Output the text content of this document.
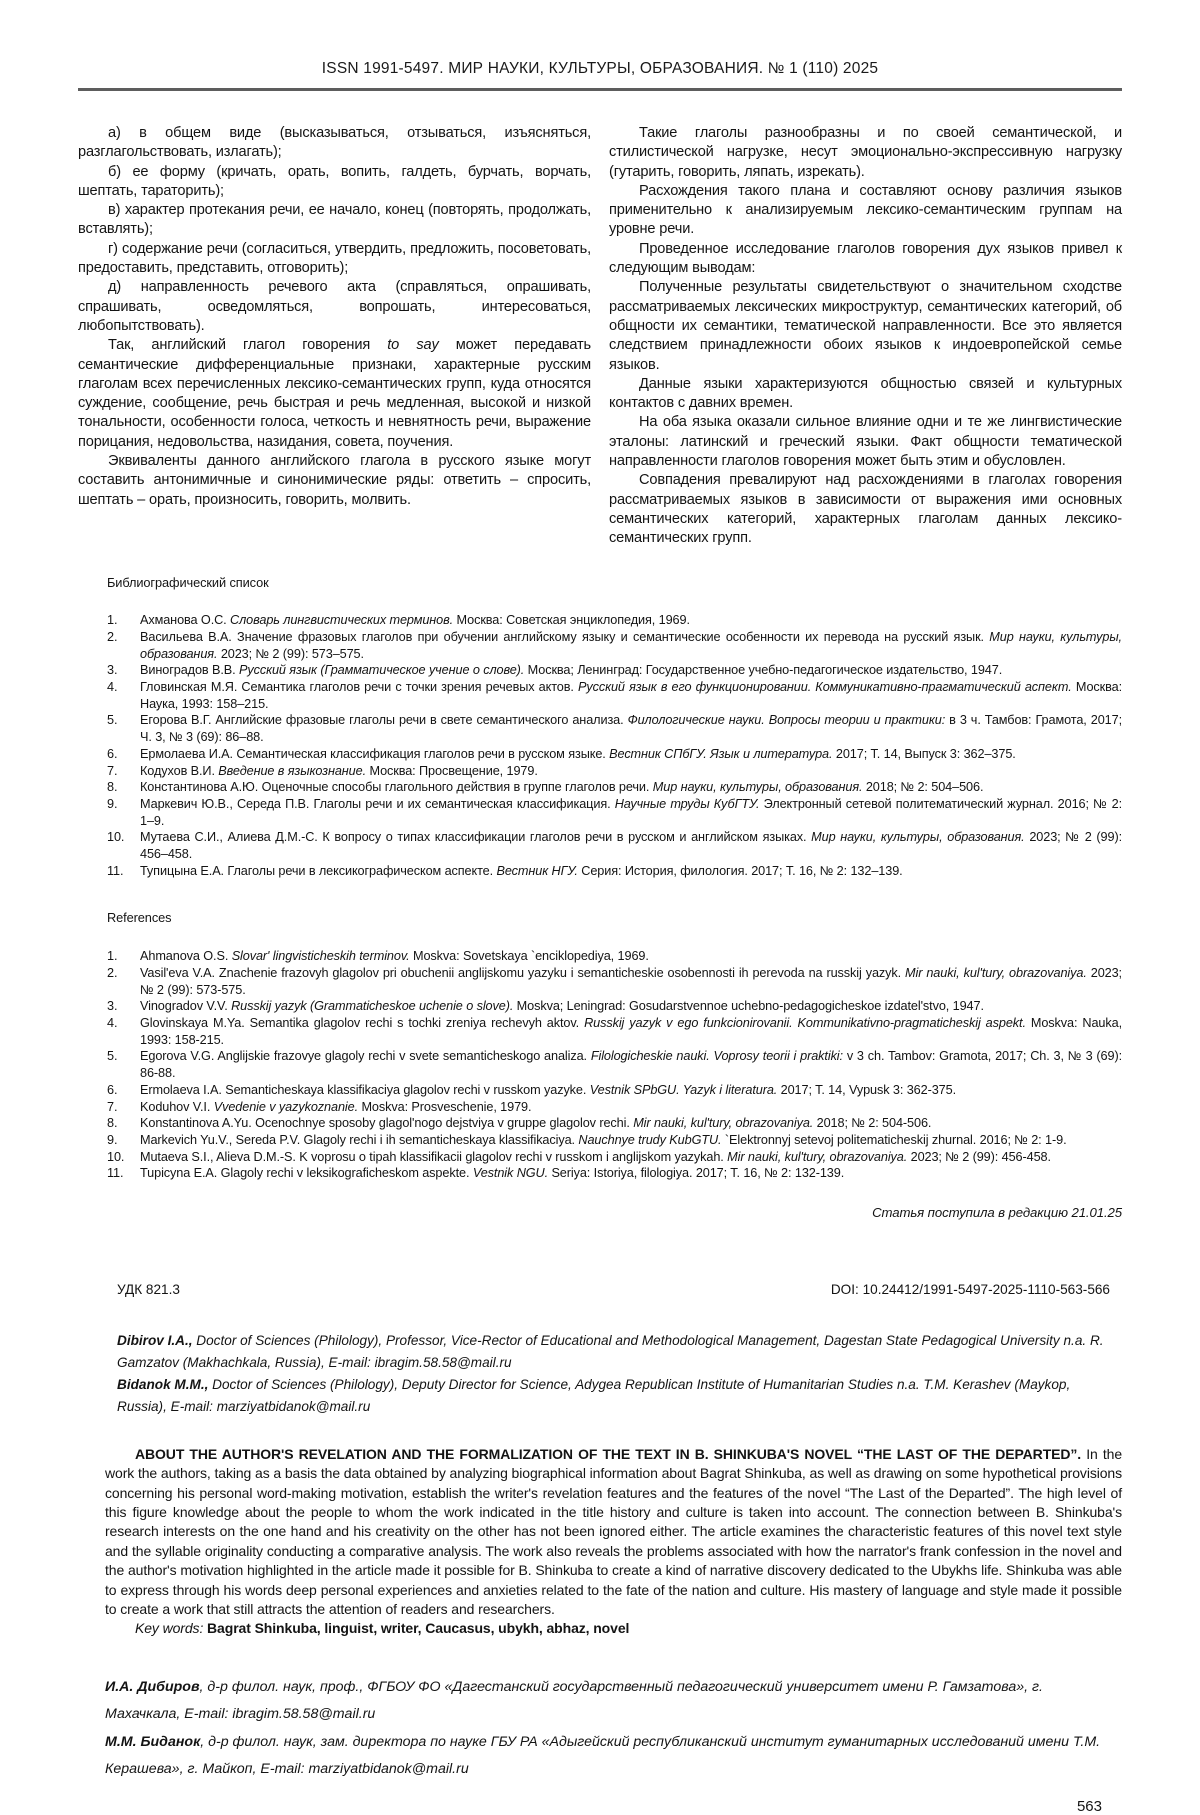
ISSN 1991-5497. МИР НАУКИ, КУЛЬТУРЫ, ОБРАЗОВАНИЯ. № 1 (110) 2025

а) в общем виде (высказываться, отзываться, изъясняться, разглагольствовать, излагать);

б) ее форму (кричать, орать, вопить, галдеть, бурчать, ворчать, шептать, тараторить);

в) характер протекания речи, ее начало, конец (повторять, продолжать, вставлять);

г) содержание речи (согласиться, утвердить, предложить, посоветовать, предоставить, представить, отговорить);

д) направленность речевого акта (справляться, опрашивать, спрашивать, осведомляться, вопрошать, интересоваться, любопытствовать).

Так, английский глагол говорения to say может передавать семантические дифференциальные признаки, характерные русским глаголам всех перечисленных лексико-семантических групп, куда относятся суждение, сообщение, речь быстрая и речь медленная, высокой и низкой тональности, особенности голоса, четкость и невнятность речи, выражение порицания, недовольства, назидания, совета, поучения.

Эквиваленты данного английского глагола в русского языке могут составить антонимичные и синонимические ряды: ответить – спросить, шептать – орать, произносить, говорить, молвить.

Такие глаголы разнообразны и по своей семантической, и стилистической нагрузке, несут эмоционально-экспрессивную нагрузку (гутарить, говорить, ляпать, изрекать).

Расхождения такого плана и составляют основу различия языков применительно к анализируемым лексико-семантическим группам на уровне речи.

Проведенное исследование глаголов говорения дух языков привел к следующим выводам:

Полученные результаты свидетельствуют о значительном сходстве рассматриваемых лексических микроструктур, семантических категорий, об общности их семантики, тематической направленности. Все это является следствием принадлежности обоих языков к индоевропейской семье языков.

Данные языки характеризуются общностью связей и культурных контактов с давних времен.

На оба языка оказали сильное влияние одни и те же лингвистические эталоны: латинский и греческий языки. Факт общности тематической направленности глаголов говорения может быть этим и обусловлен.

Совпадения превалируют над расхождениями в глаголах говорения рассматриваемых языков в зависимости от выражения ими основных семантических категорий, характерных глаголам данных лексико-семантических групп.

Библиографический список

1.	Ахманова О.С. Словарь лингвистических терминов. Москва: Советская энциклопедия, 1969.
2.	Васильева В.А. Значение фразовых глаголов при обучении английскому языку и семантические особенности их перевода на русский язык. Мир науки, культуры, образования. 2023; № 2 (99): 573–575.
3.	Виноградов В.В. Русский язык (Грамматическое учение о слове). Москва; Ленинград: Государственное учебно-педагогическое издательство, 1947.
4.	Гловинская М.Я. Семантика глаголов речи с точки зрения речевых актов. Русский язык в его функционировании. Коммуникативно-прагматический аспект. Москва: Наука, 1993: 158–215.
5.	Егорова В.Г. Английские фразовые глаголы речи в свете семантического анализа. Филологические науки. Вопросы теории и практики: в 3 ч. Тамбов: Грамота, 2017; Ч. 3, № 3 (69): 86–88.
6.	Ермолаева И.А. Семантическая классификация глаголов речи в русском языке. Вестник СПбГУ. Язык и литература. 2017; Т. 14, Выпуск 3: 362–375.
7.	Кодухов В.И. Введение в языкознание. Москва: Просвещение, 1979.
8.	Константинова А.Ю. Оценочные способы глагольного действия в группе глаголов речи. Мир науки, культуры, образования. 2018; № 2: 504–506.
9.	Маркевич Ю.В., Середа П.В. Глаголы речи и их семантическая классификация. Научные труды КубГТУ. Электронный сетевой политематический журнал. 2016; № 2: 1–9.
10.	Мутаева С.И., Алиева Д.М.-С. К вопросу о типах классификации глаголов речи в русском и английском языках. Мир науки, культуры, образования. 2023; № 2 (99): 456–458.
11.	Тупицына Е.А. Глаголы речи в лексикографическом аспекте. Вестник НГУ. Серия: История, филология. 2017; Т. 16, № 2: 132–139.

References

1.	Ahmanova O.S. Slovar' lingvisticheskih terminov. Moskva: Sovetskaya `enciklopediya, 1969.
2.	Vasil'eva V.A. Znachenie frazovyh glagolov pri obuchenii anglijskomu yazyku i semanticheskie osobennosti ih perevoda na russkij yazyk. Mir nauki, kul'tury, obrazovaniya. 2023; № 2 (99): 573-575.
3.	Vinogradov V.V. Russkij yazyk (Grammaticheskoe uchenie o slove). Moskva; Leningrad: Gosudarstvennoe uchebno-pedagogicheskoe izdatel'stvo, 1947.
4.	Glovinskaya M.Ya. Semantika glagolov rechi s tochki zreniya rechevyh aktov. Russkij yazyk v ego funkcionirovanii. Kommunikativno-pragmaticheskij aspekt. Moskva: Nauka, 1993: 158-215.
5.	Egorova V.G. Anglijskie frazovye glagoly rechi v svete semanticheskogo analiza. Filologicheskie nauki. Voprosy teorii i praktiki: v 3 ch. Tambov: Gramota, 2017; Ch. 3, № 3 (69): 86-88.
6.	Ermolaeva I.A. Semanticheskaya klassifikaciya glagolov rechi v russkom yazyke. Vestnik SPbGU. Yazyk i literatura. 2017; T. 14, Vypusk 3: 362-375.
7.	Koduhov V.I. Vvedenie v yazykoznanie. Moskva: Prosveschenie, 1979.
8.	Konstantinova A.Yu. Ocenochnye sposoby glagol'nogo dejstviya v gruppe glagolov rechi. Mir nauki, kul'tury, obrazovaniya. 2018; № 2: 504-506.
9.	Markevich Yu.V., Sereda P.V. Glagoly rechi i ih semanticheskaya klassifikaciya. Nauchnye trudy KubGTU. `Elektronnyj setevoj politematicheskij zhurnal. 2016; № 2: 1-9.
10.	Mutaeva S.I., Alieva D.M.-S. K voprosu o tipah klassifikacii glagolov rechi v russkom i anglijskom yazykah. Mir nauki, kul'tury, obrazovaniya. 2023; № 2 (99): 456-458.
11.	Tupicyna E.A. Glagoly rechi v leksikograficheskom aspekte. Vestnik NGU. Seriya: Istoriya, filologiya. 2017; T. 16, № 2: 132-139.

Статья поступила в редакцию 21.01.25

УДК 821.3	DOI: 10.24412/1991-5497-2025-1110-563-566

Dibirov I.A., Doctor of Sciences (Philology), Professor, Vice-Rector of Educational and Methodological Management, Dagestan State Pedagogical University n.a. R. Gamzatov (Makhachkala, Russia), E-mail: ibragim.58.58@mail.ru

Bidanok M.M., Doctor of Sciences (Philology), Deputy Director for Science, Adygea Republican Institute of Humanitarian Studies n.a. T.M. Kerashev (Maykop, Russia), E-mail: marziyatbidanok@mail.ru

ABOUT THE AUTHOR'S REVELATION AND THE FORMALIZATION OF THE TEXT IN B. SHINKUBA'S NOVEL “THE LAST OF THE DEPARTED”. In the work the authors, taking as a basis the data obtained by analyzing biographical information about Bagrat Shinkuba, as well as drawing on some hypothetical provisions concerning his personal word-making motivation, establish the writer's revelation features and the features of the novel “The Last of the Departed”. The high level of this figure knowledge about the people to whom the work indicated in the title history and culture is taken into account. The connection between B. Shinkuba's research interests on the one hand and his creativity on the other has not been ignored either. The article examines the characteristic features of this novel text style and the syllable originality conducting a comparative analysis. The work also reveals the problems associated with how the narrator's frank confession in the novel and the author's motivation highlighted in the article made it possible for B. Shinkuba to create a kind of narrative discovery dedicated to the Ubykhs life. Shinkuba was able to express through his words deep personal experiences and anxieties related to the fate of the nation and culture. His mastery of language and style made it possible to create a work that still attracts the attention of readers and researchers.

Key words: Bagrat Shinkuba, linguist, writer, Caucasus, ubykh, abhaz, novel

И.А. Дибиров, д-р филол. наук, проф., ФГБОУ ФО «Дагестанский государственный педагогический университет имени Р. Гамзатова», г. Махачкала, E-mail: ibragim.58.58@mail.ru

М.М. Биданок, д-р филол. наук, зам. директора по науке ГБУ РА «Адыгейский республиканский институт гуманитарных исследований имени Т.М. Керашева», г. Майкоп, E-mail: marziyatbidanok@mail.ru

563
